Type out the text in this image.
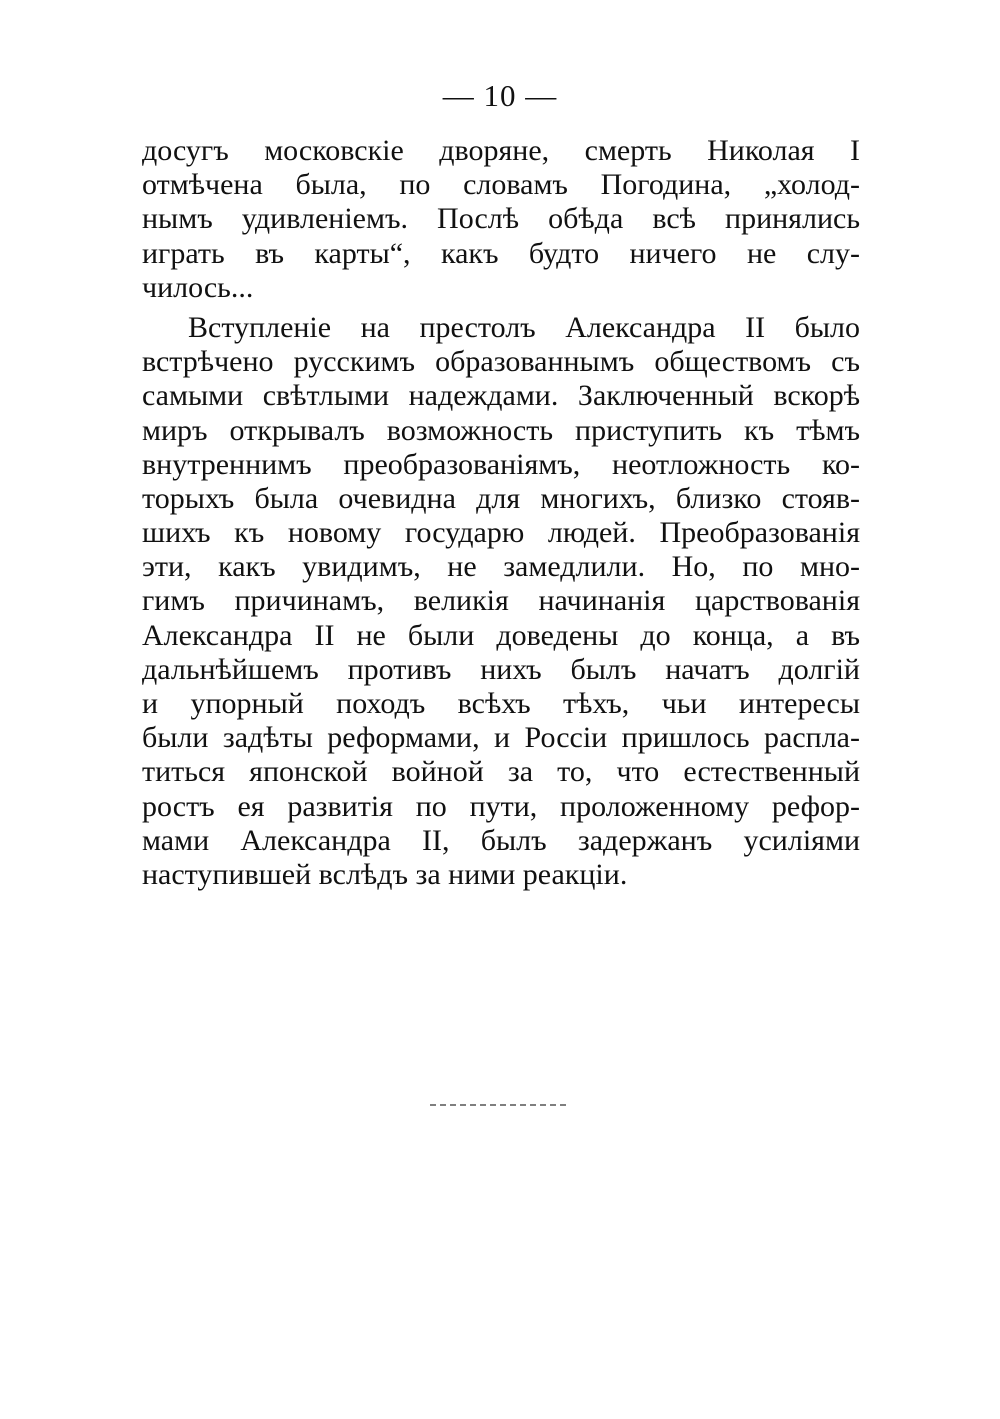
— 10 —
досугъ московскіе дворяне, смерть Николая I
отмѣчена была, по словамъ Погодина, „холод-
нымъ удивленіемъ. Послѣ обѣда всѣ принялись
играть въ карты“, какъ будто ничего не слу-
чилось...
Вступленіе на престолъ Александра II было
встрѣчено русскимъ образованнымъ обществомъ съ
самыми свѣтлыми надеждами. Заключенный вскорѣ
миръ открывалъ возможность приступить къ тѣмъ
внутреннимъ преобразованіямъ, неотложность ко-
торыхъ была очевидна для многихъ, близко стояв-
шихъ къ новому государю людей. Преобразованія
эти, какъ увидимъ, не замедлили. Но, по мно-
гимъ причинамъ, великія начинанія царствованія
Александра II не были доведены до конца, а въ
дальнѣйшемъ противъ нихъ былъ начатъ долгій
и упорный походъ всѣхъ тѣхъ, чьи интересы
были задѣты реформами, и Россіи пришлось распла-
титься японской войной за то, что естественный
ростъ ея развитія по пути, проложенному рефор-
мами Александра II, былъ задержанъ усиліями
наступившей вслѣдъ за ними реакціи.
